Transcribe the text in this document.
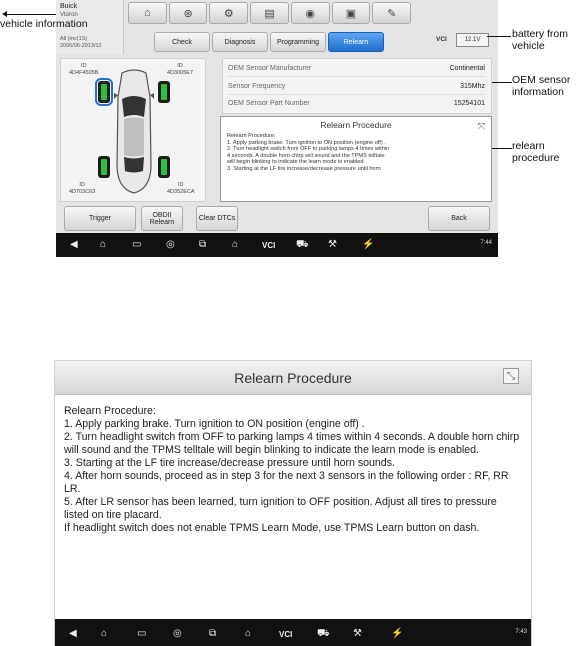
Buick
Vtoron
All (mc(1S)
2006/06-2013/12
⌂	⊛	⚙	▤	◉	▣	✎
Check	Diagnosis	Programming	Relearn	VCI	12.1V
ID
4D4F4505B
ID
4D3005E7
ID
4D703C63
ID
4D352ECA
OEM Sensor Manufacturer	Continental
Sensor Frequency	315Mhz
OEM Sensor Part Number	15254101
Relearn Procedure	⤧
Relearn Procedure:
1. Apply parking brake. Turn ignition to ON position (engine off) .
2. Turn headlight switch from OFF to parking lamps 4 times within
4 seconds. A double horn chirp will sound and the TPMS telltale
will begin blinking to indicate the learn mode is enabled.
3. Starting at the LF tire increase/decrease pressure until horn
Trigger	OBDII Relearn	Clear DTCs	Back
◀ ⌂	▭ ◎ ⧉	⌂	VCI ⛟ ⚒	⚡	7:44
vehicle information
battery from vehicle
OEM sensor information
relearn procedure
Relearn Procedure	⤡
Relearn Procedure:
1. Apply parking brake. Turn ignition to ON position (engine off) .
2. Turn headlight switch from OFF to parking lamps 4 times within 4 seconds. A double horn chirp will sound and the TPMS telltale will begin blinking to indicate the learn mode is enabled.
3. Starting at the LF tire increase/decrease pressure until horn sounds.
4. After horn sounds, proceed as in step 3 for the next 3 sensors in the following order : RF, RR LR.
5. After LR sensor has been learned, turn ignition to OFF position. Adjust all tires to pressure listed on tire placard.
If headlight switch does not enable TPMS Learn Mode, use TPMS Learn button on dash.
◀ ⌂	▭	◎	⧉	⌂	VCI ⛟ ⚒	⚡	7:43
